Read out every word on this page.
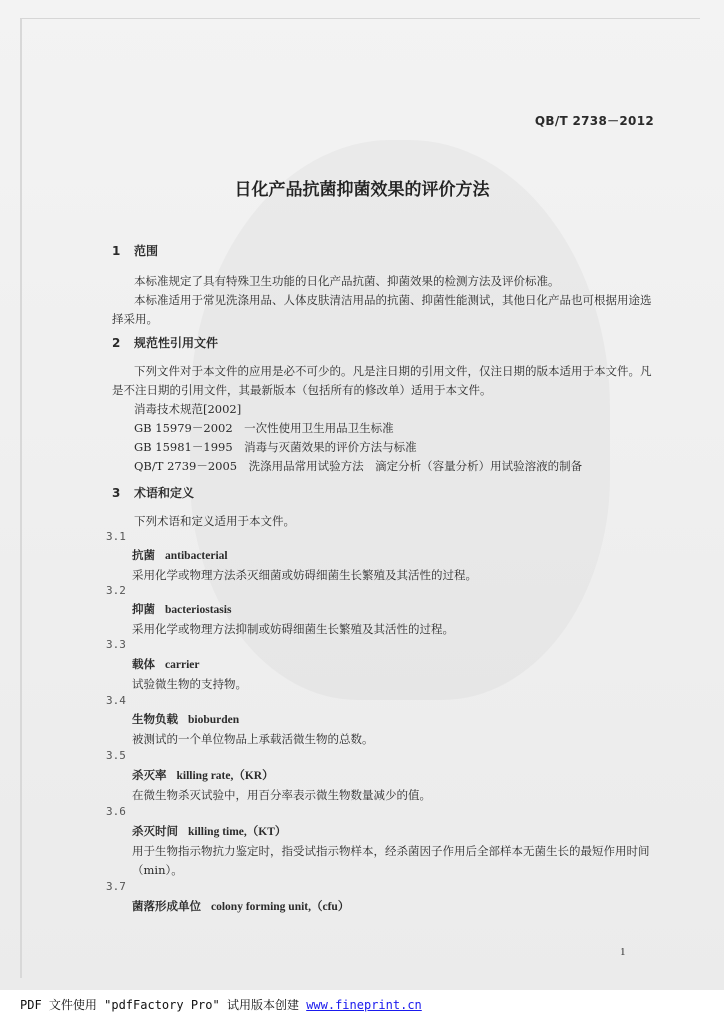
QB/T 2738－2012
日化产品抗菌抑菌效果的评价方法
1 范围

本标准规定了具有特殊卫生功能的日化产品抗菌、抑菌效果的检测方法及评价标准。

本标准适用于常见洗涤用品、人体皮肤清洁用品的抗菌、抑菌性能测试，其他日化产品也可根据用途选择采用。

2 规范性引用文件

下列文件对于本文件的应用是必不可少的。凡是注日期的引用文件，仅注日期的版本适用于本文件。凡是不注日期的引用文件，其最新版本（包括所有的修改单）适用于本文件。

消毒技术规范[2002]

GB 15979－2002　一次性使用卫生用品卫生标准

GB 15981－1995　消毒与灭菌效果的评价方法与标准

QB/T 2739－2005　洗涤用品常用试验方法　滴定分析（容量分析）用试验溶液的制备

3 术语和定义

下列术语和定义适用于本文件。

3.1
抗菌 antibacterial
采用化学或物理方法杀灭细菌或妨碍细菌生长繁殖及其活性的过程。
3.2
抑菌 bacteriostasis
采用化学或物理方法抑制或妨碍细菌生长繁殖及其活性的过程。
3.3
载体 carrier
试验微生物的支持物。
3.4
生物负载 bioburden
被测试的一个单位物品上承载活微生物的总数。
3.5
杀灭率 killing rate,（KR）
在微生物杀灭试验中，用百分率表示微生物数量减少的值。
3.6
杀灭时间 killing time,（KT）
用于生物指示物抗力鉴定时，指受试指示物样本，经杀菌因子作用后全部样本无菌生长的最短作用时间（min）。
3.7
菌落形成单位 colony forming unit,（cfu）
1
PDF 文件使用 "pdfFactory Pro" 试用版本创建 www.fineprint.cn
